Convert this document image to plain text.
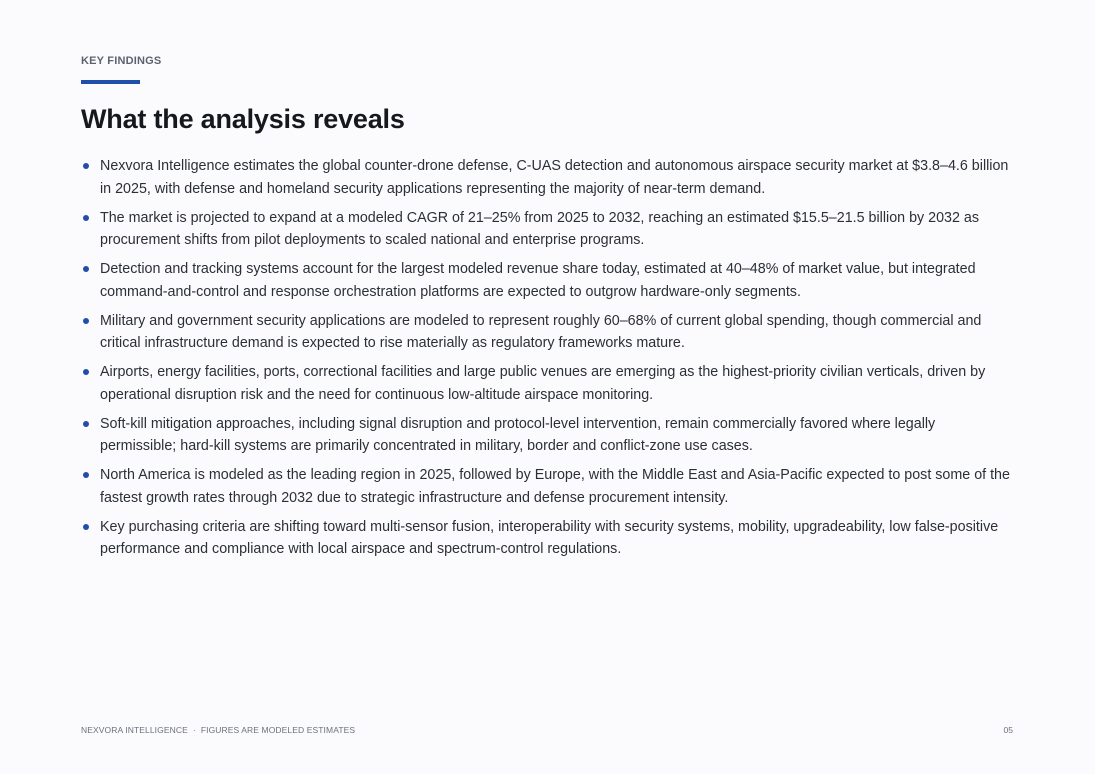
KEY FINDINGS
What the analysis reveals
Nexvora Intelligence estimates the global counter-drone defense, C-UAS detection and autonomous airspace security market at $3.8–4.6 billion in 2025, with defense and homeland security applications representing the majority of near-term demand.
The market is projected to expand at a modeled CAGR of 21–25% from 2025 to 2032, reaching an estimated $15.5–21.5 billion by 2032 as procurement shifts from pilot deployments to scaled national and enterprise programs.
Detection and tracking systems account for the largest modeled revenue share today, estimated at 40–48% of market value, but integrated command-and-control and response orchestration platforms are expected to outgrow hardware-only segments.
Military and government security applications are modeled to represent roughly 60–68% of current global spending, though commercial and critical infrastructure demand is expected to rise materially as regulatory frameworks mature.
Airports, energy facilities, ports, correctional facilities and large public venues are emerging as the highest-priority civilian verticals, driven by operational disruption risk and the need for continuous low-altitude airspace monitoring.
Soft-kill mitigation approaches, including signal disruption and protocol-level intervention, remain commercially favored where legally permissible; hard-kill systems are primarily concentrated in military, border and conflict-zone use cases.
North America is modeled as the leading region in 2025, followed by Europe, with the Middle East and Asia-Pacific expected to post some of the fastest growth rates through 2032 due to strategic infrastructure and defense procurement intensity.
Key purchasing criteria are shifting toward multi-sensor fusion, interoperability with security systems, mobility, upgradeability, low false-positive performance and compliance with local airspace and spectrum-control regulations.
NEXVORA INTELLIGENCE · FIGURES ARE MODELED ESTIMATES	05
